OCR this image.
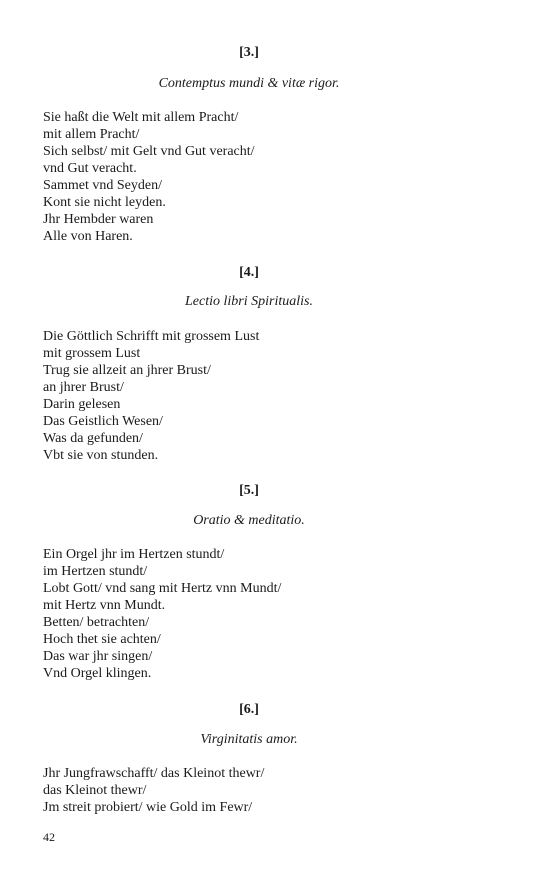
[3.]
Contemptus mundi & vitæ rigor.
Sie haßt die Welt mit allem Pracht/
mit allem Pracht/
Sich selbst/ mit Gelt vnd Gut veracht/
vnd Gut veracht.
Sammet vnd Seyden/
Kont sie nicht leyden.
Jhr Hembder waren
Alle von Haren.
[4.]
Lectio libri Spiritualis.
Die Göttlich Schrifft mit grossem Lust
mit grossem Lust
Trug sie allzeit an jhrer Brust/
an jhrer Brust/
Darin gelesen
Das Geistlich Wesen/
Was da gefunden/
Vbt sie von stunden.
[5.]
Oratio & meditatio.
Ein Orgel jhr im Hertzen stundt/
im Hertzen stundt/
Lobt Gott/ vnd sang mit Hertz vnn Mundt/
mit Hertz vnn Mundt.
Betten/ betrachten/
Hoch thet sie achten/
Das war jhr singen/
Vnd Orgel klingen.
[6.]
Virginitatis amor.
Jhr Jungfrawschafft/ das Kleinot thewr/
das Kleinot thewr/
Jm streit probiert/ wie Gold im Fewr/
42
